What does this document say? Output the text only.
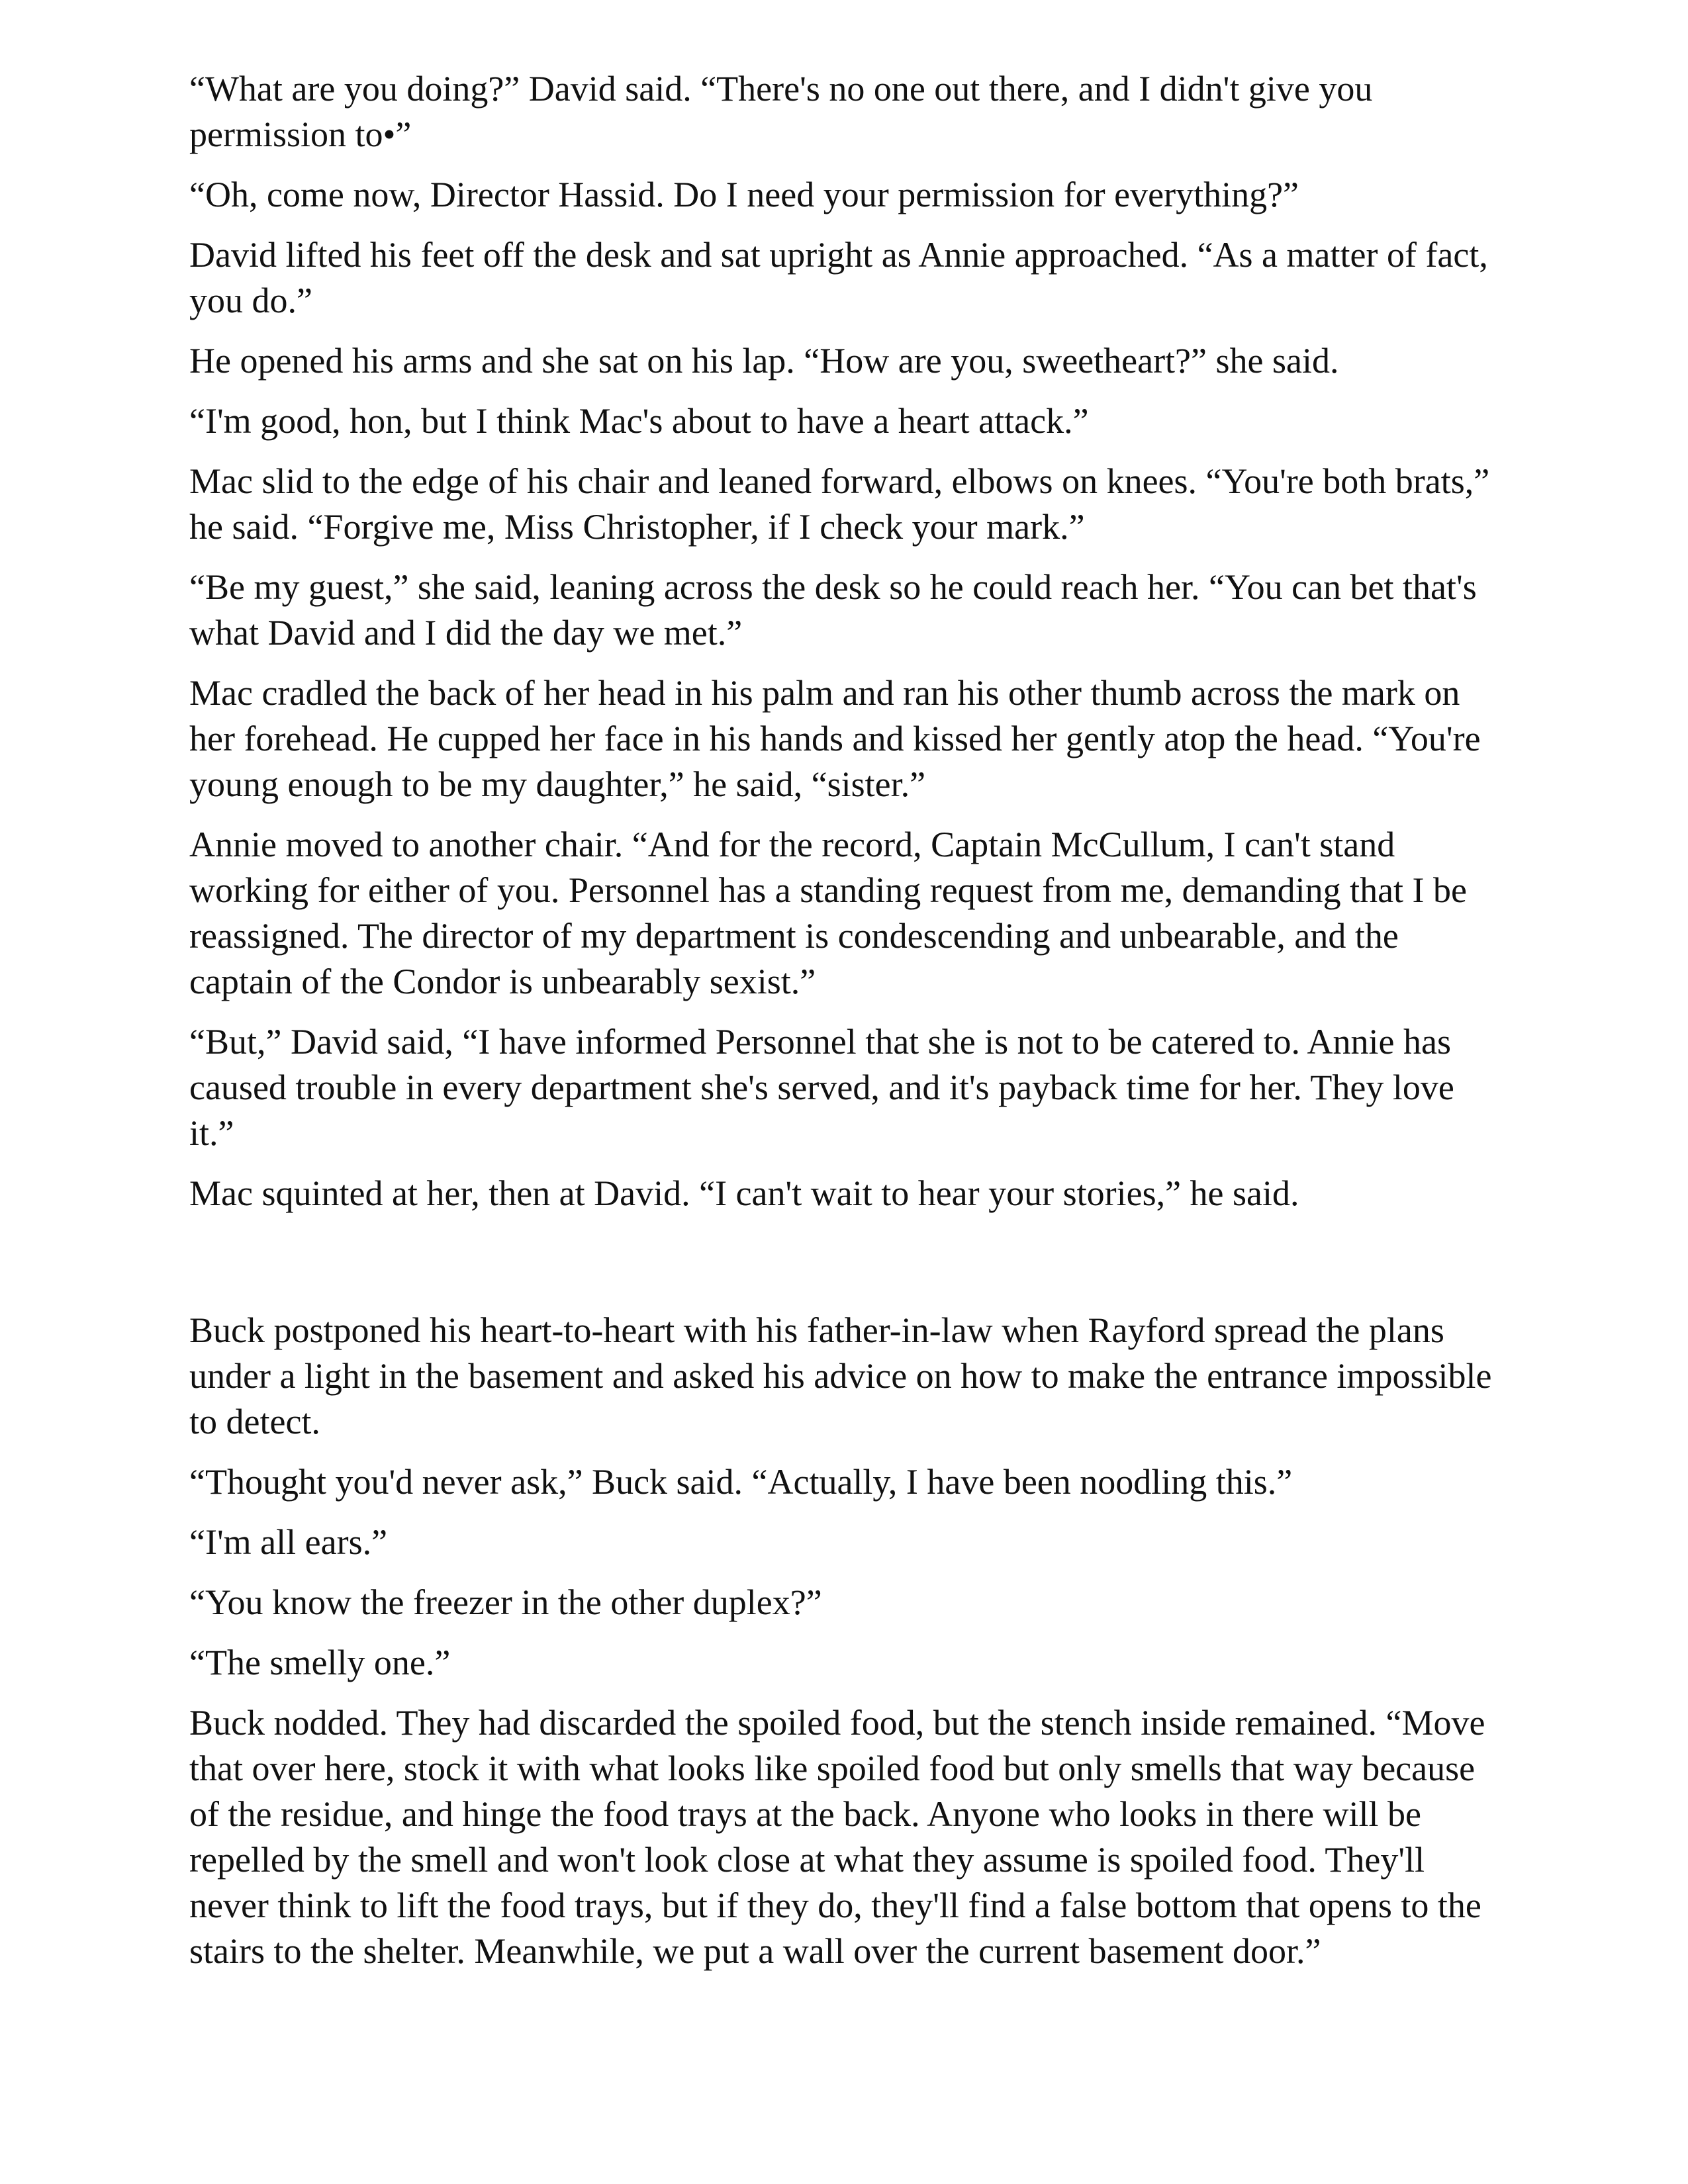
“What are you doing?” David said. “There's no one out there, and I didn't give you permission to•”

“Oh, come now, Director Hassid. Do I need your permission for everything?”

David lifted his feet off the desk and sat upright as Annie approached. “As a matter of fact, you do.”

He opened his arms and she sat on his lap. “How are you, sweetheart?” she said.

“I'm good, hon, but I think Mac's about to have a heart attack.”

Mac slid to the edge of his chair and leaned forward, elbows on knees. “You're both brats,” he said. “Forgive me, Miss Christopher, if I check your mark.”

“Be my guest,” she said, leaning across the desk so he could reach her. “You can bet that's what David and I did the day we met.”

Mac cradled the back of her head in his palm and ran his other thumb across the mark on her forehead. He cupped her face in his hands and kissed her gently atop the head. “You're young enough to be my daughter,” he said, “sister.”

Annie moved to another chair. “And for the record, Captain McCullum, I can't stand working for either of you. Personnel has a standing request from me, demanding that I be reassigned. The director of my department is condescending and unbearable, and the captain of the Condor is unbearably sexist.”

“But,” David said, “I have informed Personnel that she is not to be catered to. Annie has caused trouble in every department she's served, and it's payback time for her. They love it.”

Mac squinted at her, then at David. “I can't wait to hear your stories,” he said.

Buck postponed his heart-to-heart with his father-in-law when Rayford spread the plans under a light in the basement and asked his advice on how to make the entrance impossible to detect.

“Thought you'd never ask,” Buck said. “Actually, I have been noodling this.”

“I'm all ears.”

“You know the freezer in the other duplex?”

“The smelly one.”

Buck nodded. They had discarded the spoiled food, but the stench inside remained. “Move that over here, stock it with what looks like spoiled food but only smells that way because of the residue, and hinge the food trays at the back. Anyone who looks in there will be repelled by the smell and won't look close at what they assume is spoiled food. They'll never think to lift the food trays, but if they do, they'll find a false bottom that opens to the stairs to the shelter. Meanwhile, we put a wall over the current basement door.”
